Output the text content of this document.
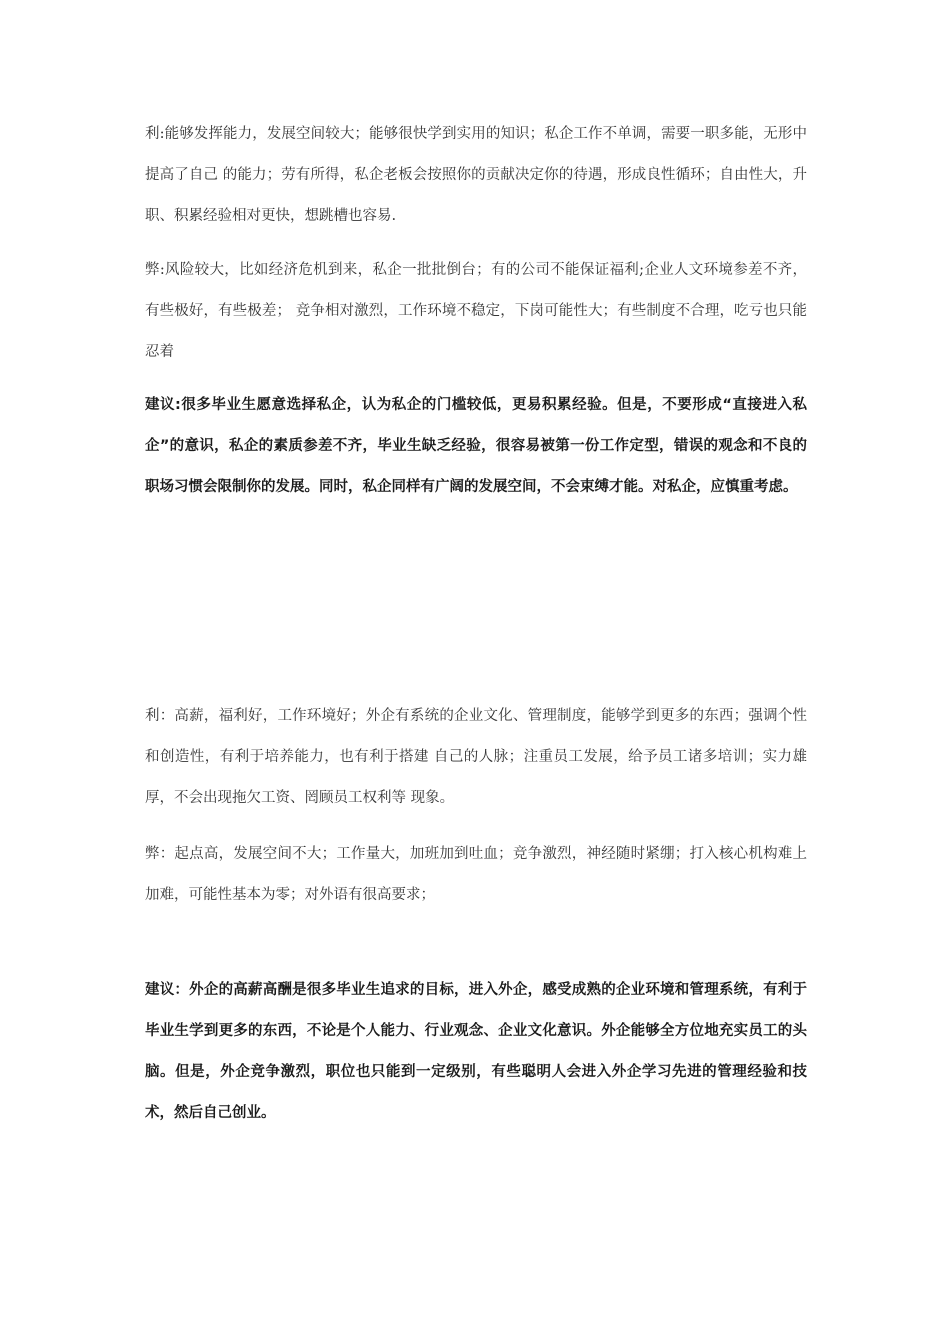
利:能够发挥能力，发展空间较大；能够很快学到实用的知识；私企工作不单调，需要一职多能，无形中提高了自己 的能力；劳有所得，私企老板会按照你的贡献决定你的待遇，形成良性循环；自由性大，升职、积累经验相对更快，想跳槽也容易.

弊:风险较大，比如经济危机到来，私企一批批倒台；有的公司不能保证福利;企业人文环境参差不齐，有些极好，有些极差； 竞争相对激烈，工作环境不稳定，下岗可能性大；有些制度不合理，吃亏也只能忍着

建议:很多毕业生愿意选择私企，认为私企的门槛较低，更易积累经验。但是，不要形成“直接进入私企”的意识，私企的素质参差不齐，毕业生缺乏经验，很容易被第一份工作定型，错误的观念和不良的职场习惯会限制你的发展。同时，私企同样有广阔的发展空间，不会束缚才能。对私企，应慎重考虑。

利：高薪，福利好，工作环境好；外企有系统的企业文化、管理制度，能够学到更多的东西；强调个性和创造性，有利于培养能力，也有利于搭建 自己的人脉；注重员工发展，给予员工诸多培训；实力雄厚，不会出现拖欠工资、罔顾员工权利等 现象。

弊：起点高，发展空间不大；工作量大，加班加到吐血；竞争激烈，神经随时紧绷；打入核心机构难上加难，可能性基本为零；对外语有很高要求；

建议：外企的高薪高酬是很多毕业生追求的目标，进入外企，感受成熟的企业环境和管理系统，有利于毕业生学到更多的东西，不论是个人能力、行业观念、企业文化意识。外企能够全方位地充实员工的头脑。但是，外企竞争激烈，职位也只能到一定级别，有些聪明人会进入外企学习先进的管理经验和技术，然后自己创业。
